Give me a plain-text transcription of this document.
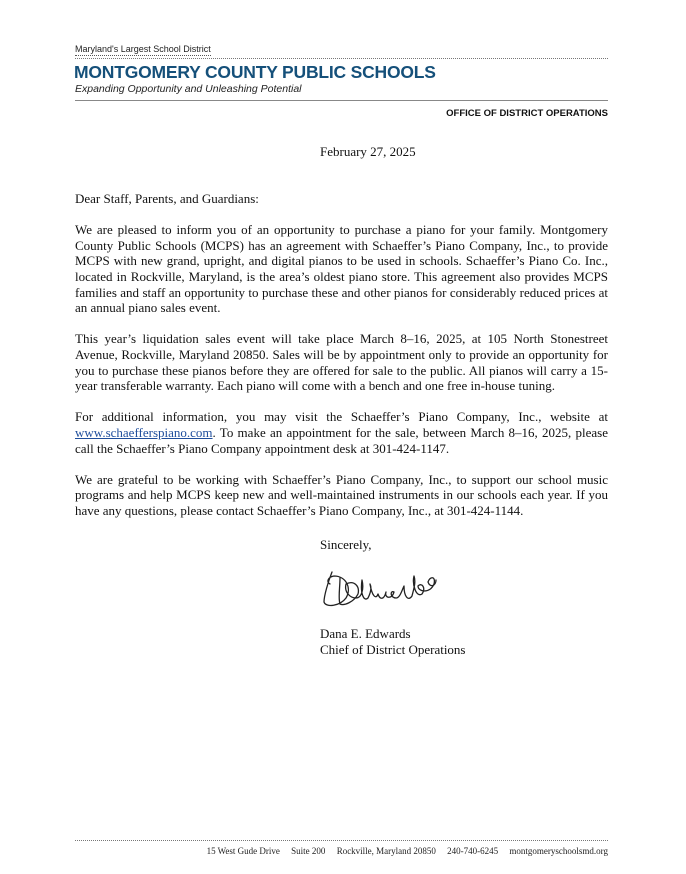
Maryland's Largest School District
MONTGOMERY COUNTY PUBLIC SCHOOLS
Expanding Opportunity and Unleashing Potential
OFFICE OF DISTRICT OPERATIONS
February 27, 2025

Dear Staff, Parents, and Guardians:

We are pleased to inform you of an opportunity to purchase a piano for your family. Montgomery County Public Schools (MCPS) has an agreement with Schaeffer’s Piano Company, Inc., to provide MCPS with new grand, upright, and digital pianos to be used in schools. Schaeffer’s Piano Co. Inc., located in Rockville, Maryland, is the area’s oldest piano store. This agreement also provides MCPS families and staff an opportunity to purchase these and other pianos for considerably reduced prices at an annual piano sales event.

This year’s liquidation sales event will take place March 8–16, 2025, at 105 North Stonestreet Avenue, Rockville, Maryland 20850. Sales will be by appointment only to provide an opportunity for you to purchase these pianos before they are offered for sale to the public. All pianos will carry a 15-year transferable warranty. Each piano will come with a bench and one free in-house tuning.

For additional information, you may visit the Schaeffer’s Piano Company, Inc., website at www.schaefferspiano.com. To make an appointment for the sale, between March 8–16, 2025, please call the Schaeffer’s Piano Company appointment desk at 301-424-1147.

We are grateful to be working with Schaeffer’s Piano Company, Inc., to support our school music programs and help MCPS keep new and well-maintained instruments in our schools each year. If you have any questions, please contact Schaeffer’s Piano Company, Inc., at 301-424-1144.

Sincerely,
Dana E. Edwards
Chief of District Operations
15 West Gude Drive Suite 200 Rockville, Maryland 20850 240-740-6245 montgomeryschoolsmd.org
